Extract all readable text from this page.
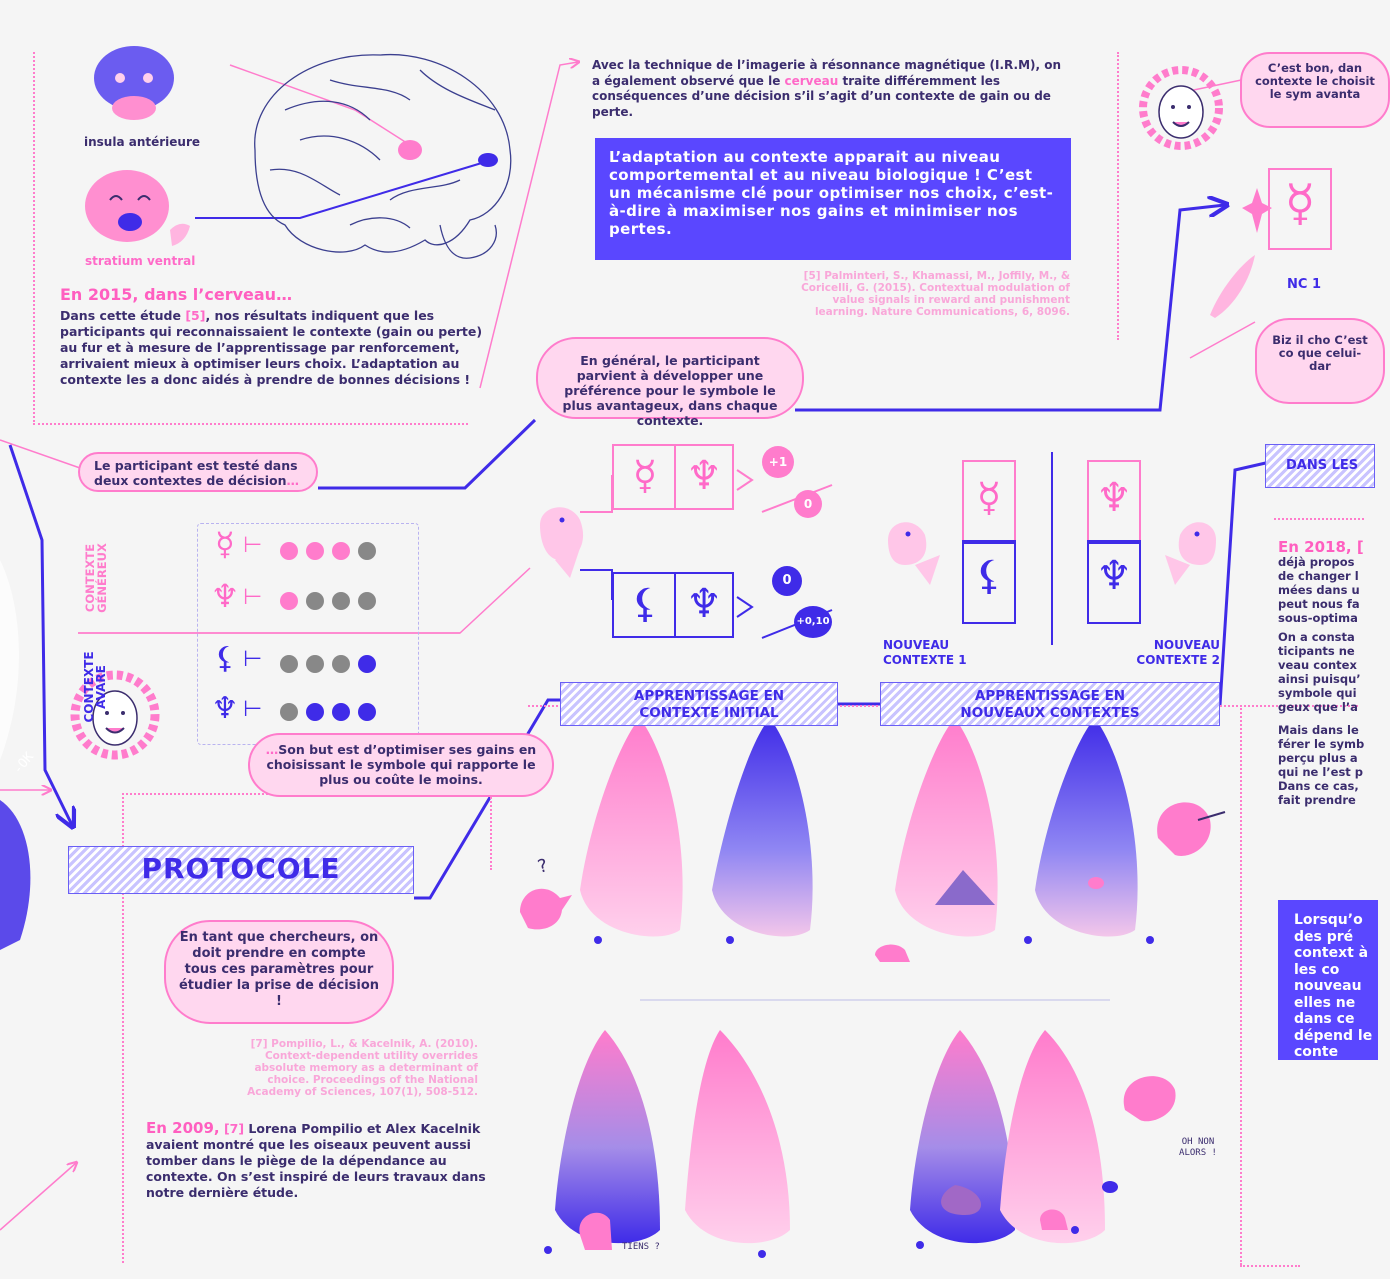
insula antérieure
stratium ventral
En 2015, dans l’cerveau…
Dans cette étude [5], nos résultats indiquent que les participants qui reconnaissaient le contexte (gain ou perte) au fur et à mesure de l’apprentissage par renforcement, arrivaient mieux à optimiser leurs choix. L’adaptation au contexte les a donc aidés à prendre de bonnes décisions !
Avec la technique de l’imagerie à résonnance magnétique (I.R.M), on a également observé que le cerveau traite différemment les conséquences d’une décision s’il s’agit d’un contexte de gain ou de perte.
L’adaptation au contexte apparait au niveau comportemental et au niveau biologique ! C’est un mécanisme clé pour optimiser nos choix, c’est-à-dire à maximiser nos gains et minimiser nos pertes.
[5] Palminteri, S., Khamassi, M., Joffily, M., & Coricelli, G. (2015). Contextual modulation of value signals in reward and punishment learning. Nature Communications, 6, 8096.
C’est bon, dan contexte le choisit le sym avanta
☿
NC 1
Biz il cho C’est co que celui- dar
DANS LES
En 2018, [
déjà propos de changer l mées dans u peut nous fa sous-optima
On a consta ticipants ne veau contex ainsi puisqu’ symbole qui geux que l’a
Mais dans le férer le symb perçu plus a qui ne l’est p Dans ce cas, fait prendre
Lorsqu’o des pré context à les co nouveau elles ne dans ce dépend le conte
En général, le participant parvient à développer une préférence pour le symbole le plus avantageux, dans chaque contexte.
Le participant est testé dans deux contextes de décision…
CONTEXTE GÉNÉREUX
CONTEXTE AVARE
☿ ⊢
♆ ⊢
⚸ ⊢
♆ ⊢
☿ ♆
⚸ ♆
+1
0
0
+0,10
☿
⚸
♆
♆
NOUVEAU CONTEXTE 1
NOUVEAU CONTEXTE 2
APPRENTISSAGE EN CONTEXTE INITIAL
APPRENTISSAGE EN NOUVEAUX CONTEXTES
…Son but est d’optimiser ses gains en choisissant le symbole qui rapporte le plus ou coûte le moins.
PROTOCOLE
En tant que chercheurs, on doit prendre en compte tous ces paramètres pour étudier la prise de décision !
[7] Pompilio, L., & Kacelnik, A. (2010). Context-dependent utility overrides absolute memory as a determinant of choice. Proceedings of the National Academy of Sciences, 107(1), 508-512.
En 2009, [7] Lorena Pompilio et Alex Kacelnik avaient montré que les oiseaux peuvent aussi tomber dans le piège de la dépendance au contexte. On s’est inspiré de leurs travaux dans notre dernière étude.
-OK
?
OH NON ALORS !
TIENS ?
